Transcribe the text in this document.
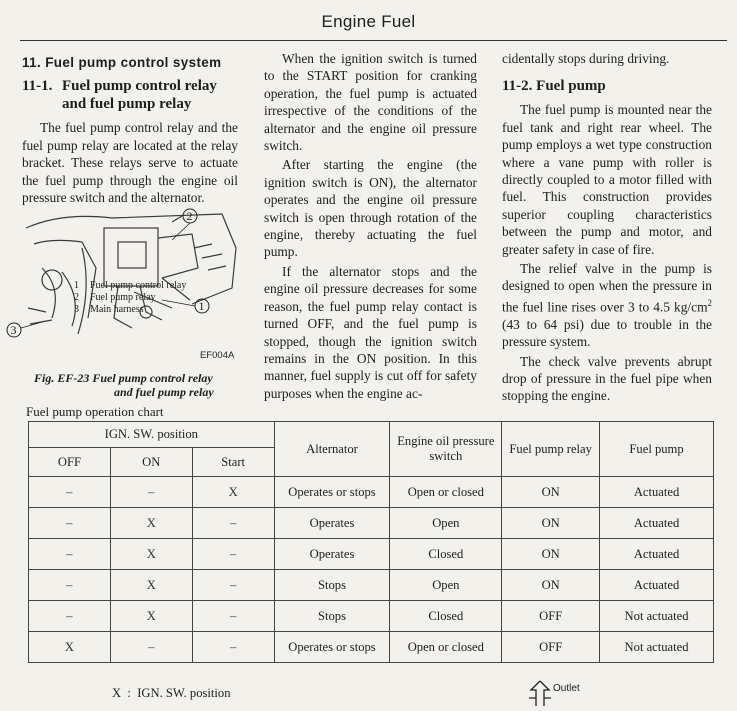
Engine Fuel
11. Fuel pump control system
11-1. Fuel pump control relay
and fuel pump relay

The fuel pump control relay and the fuel pump relay are located at the relay bracket. These relays serve to actuate the fuel pump through the engine oil pressure switch and the alternator.

2
1
3
1 Fuel pump control relay
2 Fuel pump relay
3 Main harness
EF004A
Fig. EF-23 Fuel pump control relay
and fuel pump relay

When the ignition switch is turned to the START position for cranking operation, the fuel pump is actuated irrespective of the conditions of the alternator and the engine oil pressure switch.

After starting the engine (the ignition switch is ON), the alternator operates and the engine oil pressure switch is open through rotation of the engine, thereby actuating the fuel pump.

If the alternator stops and the engine oil pressure decreases for some reason, the fuel pump relay contact is turned OFF, and the fuel pump is stopped, though the ignition switch remains in the ON position. In this manner, fuel supply is cut off for safety purposes when the engine ac-

cidentally stops during driving.

11-2. Fuel pump

The fuel pump is mounted near the fuel tank and right rear wheel. The pump employs a wet type construction where a vane pump with roller is directly coupled to a motor filled with fuel. This construction provides superior coupling characteristics between the pump and motor, and greater safety in case of fire.

The relief valve in the pump is designed to open when the pressure in the fuel line rises over 3 to 4.5 $kg/cm^2$ (43 to 64 psi) due to trouble in the pressure system.

The check valve prevents abrupt drop of pressure in the fuel pipe when stopping the engine.

Fuel pump operation chart
IGN. SW. position			Alternator	Engine oil pressure switch	Fuel pump relay	Fuel pump
OFF	ON	Start				
–	–	X	Operates or stops	Open or closed	ON	Actuated
–	X	–	Operates	Open	ON	Actuated
–	X	–	Operates	Closed	ON	Actuated
–	X	–	Stops	Open	ON	Actuated
–	X	–	Stops	Closed	OFF	Not actuated
X	–	–	Operates or stops	Open or closed	OFF	Not actuated
X : IGN. SW. position	Outlet
